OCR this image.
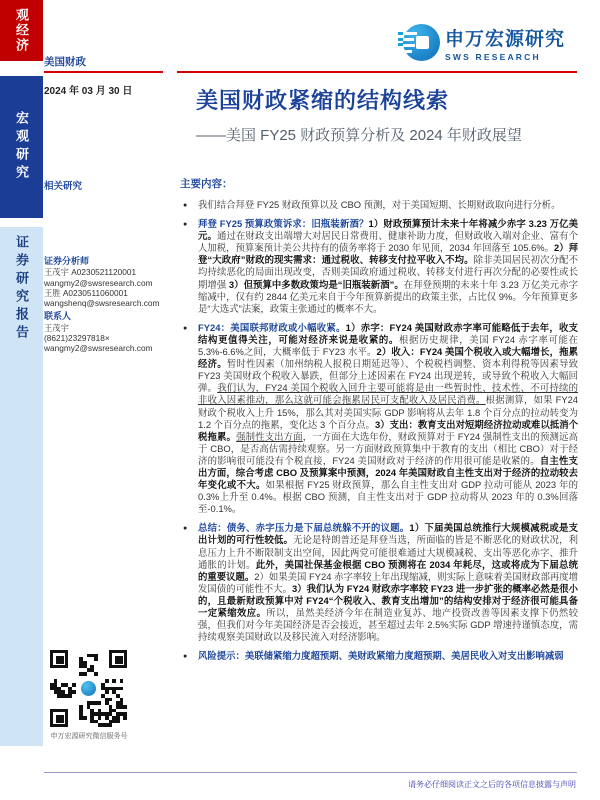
观经济
宏观研究
证券研究报告
美国财政
2024 年 03 月 30 日
相关研究
证券分析师
王茂宇 A0230521120001
wangmy2@swsresearch.com
王胜 A0230511060001
wangshenq@swsresearch.com
联系人
王茂宇
(8621)23297818×
wangmy2@swsresearch.com
申万宏源研究微信服务号
申万宏源研究
SWS RESEARCH
美国财政紧缩的结构线索
——美国 FY25 财政预算分析及 2024 年财政展望
主要内容：
● 我们结合拜登 FY25 财政预算以及 CBO 预测，对于美国短期、长期财政取向进行分析。
● 拜登 FY25 预算政策诉求：旧瓶装新酒？1）财政预算预计未来十年将减少赤字 3.23 万亿美元。通过在财政支出端增大对居民日常费用、健康补助力度，但财政收入端对企业、富有个人加税，预算案预计美公共持有的债务率将于 2030 年见顶，2034 年回落至 105.6%。2）拜登“大政府”财政的现实需求：通过税收、转移支付拉平收入不均。除非美国居民初次分配不均持续恶化的局面出现改变，否则美国政府通过税收、转移支付进行再次分配的必要性或长期增强 3）但预算中多数政策均是“旧瓶装新酒”。在拜登预期的未来十年 3.23 万亿美元赤字缩减中，仅有约 2844 亿美元来自于今年预算新提出的政策主张，占比仅 9%。今年预算更多是“大选式”法案，政策主张通过的概率不大。
● FY24：美国联邦财政或小幅收紧。1）赤字：FY24 美国财政赤字率可能略低于去年，收支结构更值得关注，可能对经济来说是收紧的。根据历史规律，美国 FY24 赤字率可能在 5.3%-6.6%之间，大概率低于 FY23 水平。2）收入：FY24 美国个税收入或大幅增长，拖累经济。暂时性因素（加州纳税人报税日期延迟等）、个税税档调整、资本利得税等因素导致 FY23 美国财政个税收入暴跌，但部分上述因素在 FY24 出现逆转，或导致个税收入大幅回弹。我们认为，FY24 美国个税收入回升主要可能将是由一些暂时性、技术性、不可持续的非收入因素推动，那么这就可能会拖累居民可支配收入及居民消费。根据测算，如果 FY24 财政个税收入上升 15%，那么其对美国实际 GDP 影响将从去年 1.8 个百分点的拉动转变为 1.2 个百分点的拖累，变化达 3 个百分点。3）支出：教育支出对短期经济拉动或难以抵消个税拖累。强制性支出方面，一方面在大选年份，财政预算对于 FY24 强制性支出的预测远高于 CBO，是否高估需持续观察。另一方面财政预算集中于教育的支出（相比 CBO）对于经济的影响很可能没有个税直接，FY24 美国财政对于经济的作用很可能是收紧的。自主性支出方面，综合考虑 CBO 及预算案中预测，2024 年美国财政自主性支出对于经济的拉动较去年变化或不大。如果根据 FY25 财政预算，那么自主性支出对 GDP 拉动可能从 2023 年的 0.3%上升至 0.4%。根据 CBO 预测，自主性支出对于 GDP 拉动将从 2023 年的 0.3%回落至-0.1%。
● 总结：债务、赤字压力是下届总统躲不开的议题。1）下届美国总统推行大规模减税或是支出计划的可行性较低。无论是特朗普还是拜登当选，所面临的皆是不断恶化的财政状况，利息压力上升不断限制支出空间，因此两党可能很难通过大规模减税、支出等恶化赤字、推升通胀的计划。此外，美国社保基金根据 CBO 预测将在 2034 年耗尽，这或将成为下届总统的重要议题。2）如果美国 FY24 赤字率较上年出现缩减，则实际上意味着美国财政部再度增发国债的可能性不大。3）我们认为 FY24 财政赤字率较 FY23 进一步扩张的概率必然是很小的，且最新财政预算中对 FY24“个税收入、教育支出增加”的结构安排对于经济很可能具备一定紧缩效应。所以，虽然美经济今年在制造业复苏、地产投资改善等因素支撑下仍然较强，但我们对今年美国经济是否会接近，甚至超过去年 2.5%实际 GDP 增速持谨慎态度，需持续观察美国财政以及移民流入对经济影响。
● 风险提示：美联储紧缩力度超预期、美财政紧缩力度超预期、美居民收入对支出影响减弱
请务必仔细阅读正文之后的各项信息披露与声明
